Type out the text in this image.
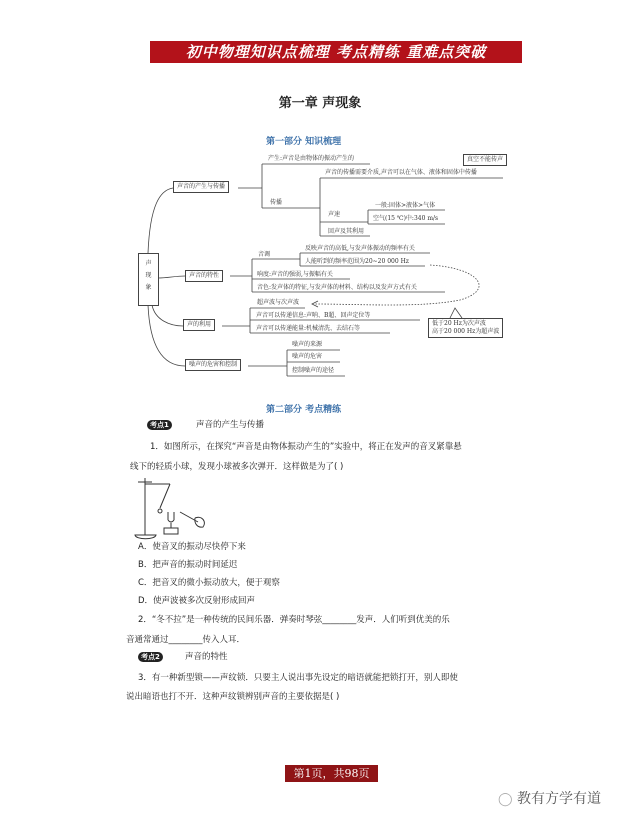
初中物理知识点梳理 考点精练 重难点突破
第一章 声现象
第一部分 知识梳理
声
现
象
声音的产生与传播
产生:声音是由物体的振动产生的
传播
声音的传播需要介质,声音可以在气体、液体和固体中传播
真空不能传声
声速
一般:固体>液体>气体
空气(15 ℃)中:340 m/s
回声及其利用
声音的特性
音调
反映声音的高低,与发声体振动的频率有关
人能听到的频率范围为20~20 000 Hz
响度:声音的强弱,与振幅有关
音色:发声体的特征,与发声体的材料、结构以及发声方式有关
超声波与次声波
声的利用
声音可以传递信息:声呐、B超、回声定位等
声音可以传递能量:机械清洗、去结石等
低于20 Hz为次声波
高于20 000 Hz为超声波
噪声的危害和控制
噪声的来源
噪声的危害
控制噪声的途径
第二部分 考点精练
考点1	声音的产生与传播
1．如图所示，在探究“声音是由物体振动产生的”实验中，将正在发声的音叉紧靠悬
线下的轻质小球，发现小球被多次弹开．这样做是为了( )
A．使音叉的振动尽快停下来
B．把声音的振动时间延迟
C．把音叉的微小振动放大，便于观察
D．使声波被多次反射形成回声
2．“冬不拉”是一种传统的民间乐器．弹奏时琴弦________发声．人们听到优美的乐
音通常通过________传入人耳．
考点2	声音的特性
3．有一种新型锁——声纹锁．只要主人说出事先设定的暗语就能把锁打开，别人即使
说出暗语也打不开．这种声纹锁辨别声音的主要依据是( )
第1页，共98页
◯ 教有方学有道
